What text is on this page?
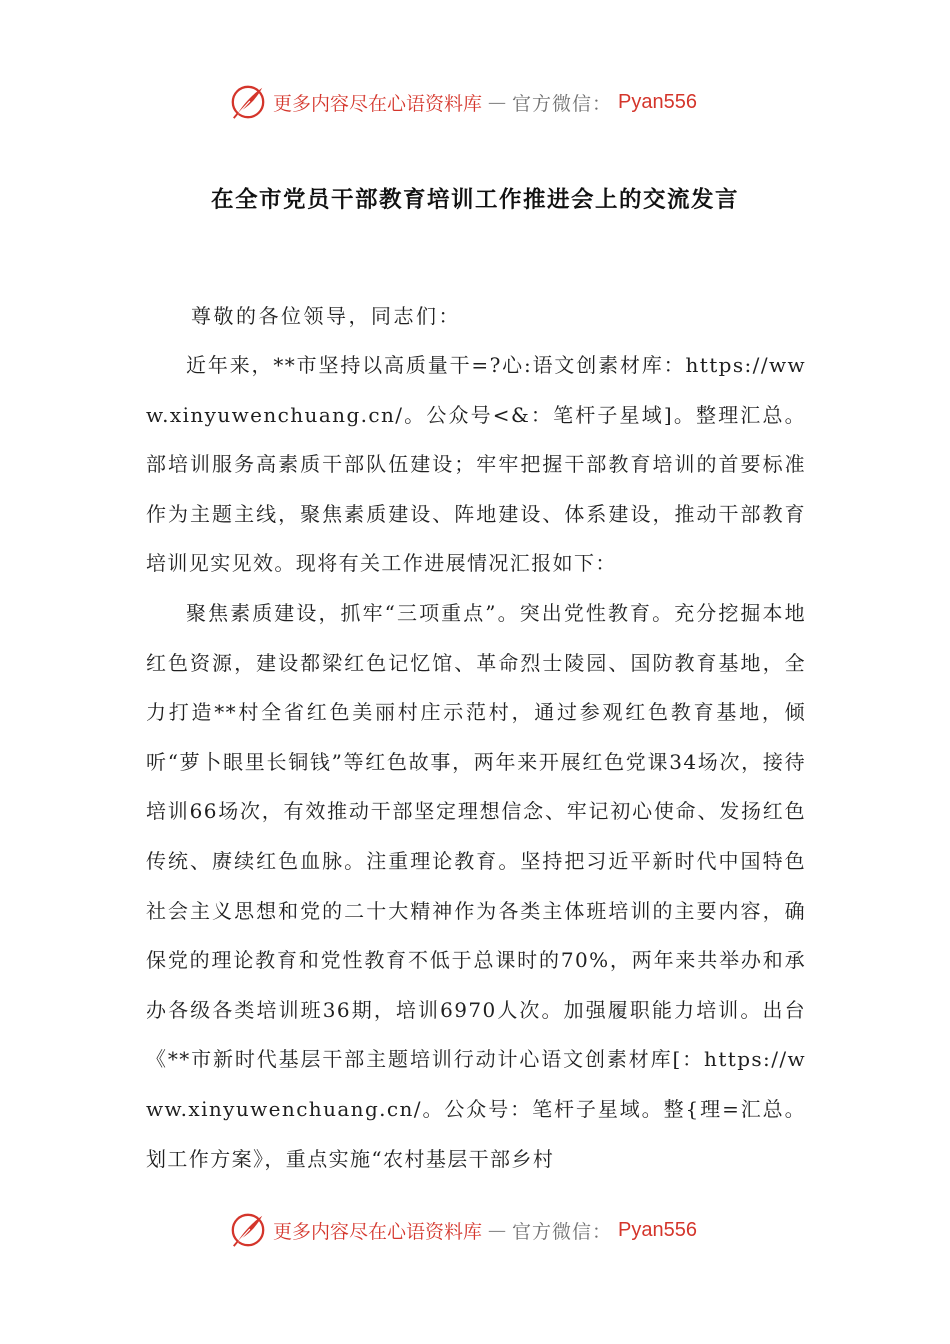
更多内容尽在心语资料库 — 官方微信： Pyan556
在全市党员干部教育培训工作推进会上的交流发言

尊敬的各位领导，同志们：

近年来，**市坚持以高质量干=?心:语文创素材库：https://www.xinyuwenchuang.cn/。公众号<&：笔杆子星域]。整理汇总。部培训服务高素质干部队伍建设；牢牢把握干部教育培训的首要标准作为主题主线，聚焦素质建设、阵地建设、体系建设，推动干部教育培训见实见效。现将有关工作进展情况汇报如下：

聚焦素质建设，抓牢“三项重点”。突出党性教育。充分挖掘本地红色资源，建设都梁红色记忆馆、革命烈士陵园、国防教育基地，全力打造**村全省红色美丽村庄示范村，通过参观红色教育基地，倾听“萝卜眼里长铜钱”等红色故事，两年来开展红色党课34场次，接待培训66场次，有效推动干部坚定理想信念、牢记初心使命、发扬红色传统、赓续红色血脉。注重理论教育。坚持把习近平新时代中国特色社会主义思想和党的二十大精神作为各类主体班培训的主要内容，确保党的理论教育和党性教育不低于总课时的70%，两年来共举办和承办各级各类培训班36期，培训6970人次。加强履职能力培训。出台《**市新时代基层干部主题培训行动计心语文创素材库[：https://www.xinyuwenchuang.cn/。公众号：笔杆子星域。整{理=汇总。划工作方案》，重点实施“农村基层干部乡村

更多内容尽在心语资料库 — 官方微信： Pyan556
